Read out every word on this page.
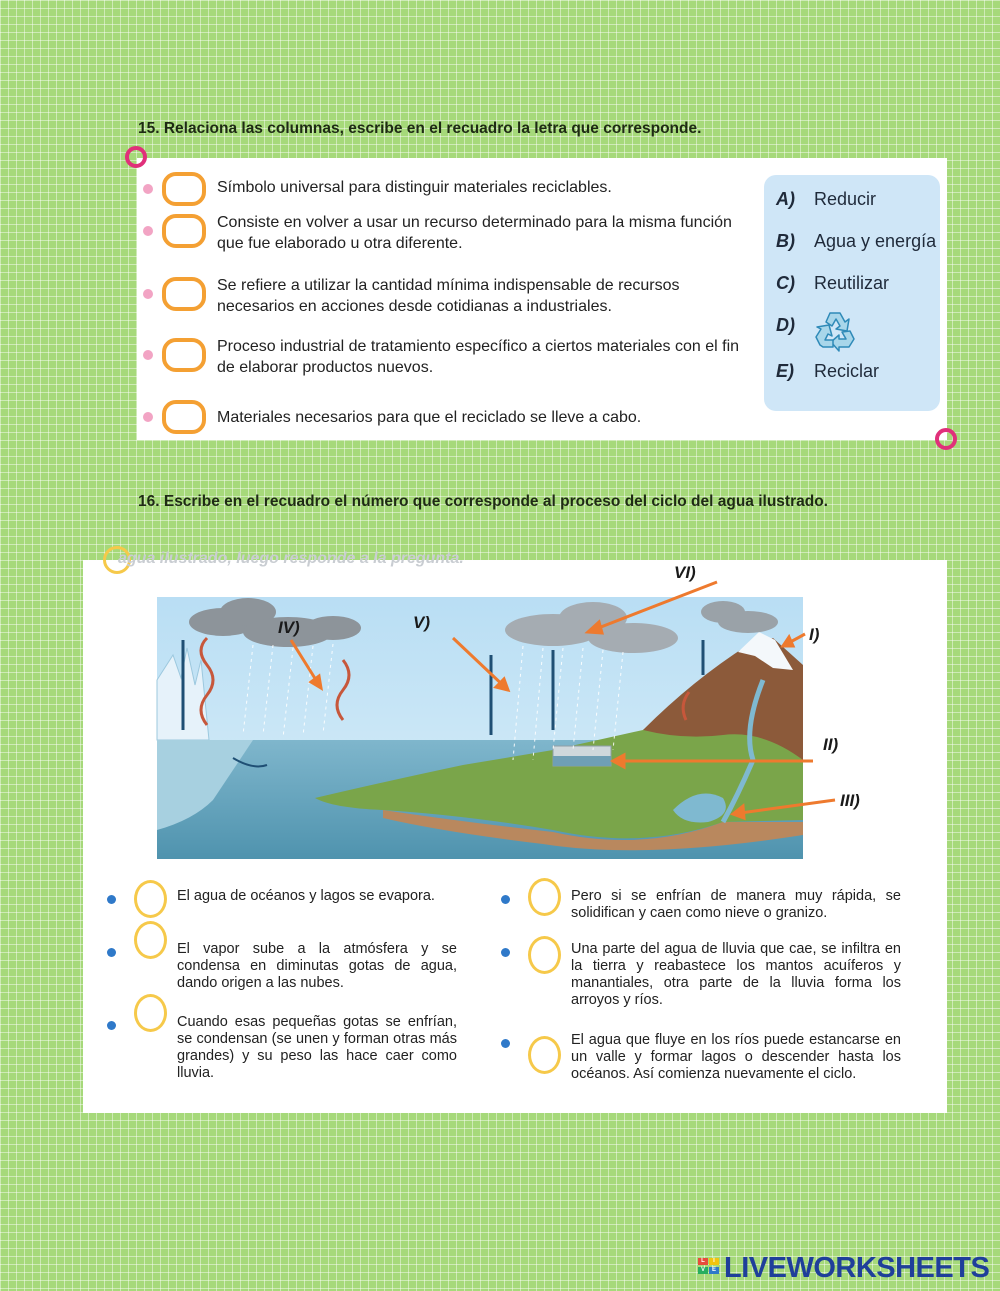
15. Relaciona las columnas, escribe en el recuadro la letra que corresponde.
Símbolo universal para distinguir materiales reciclables.
Consiste en volver a usar un recurso determinado para la misma función que fue elaborado u otra diferente.
Se refiere a utilizar la cantidad mínima indispensable de recursos necesarios en acciones desde cotidianas a industriales.
Proceso industrial de tratamiento específico a ciertos materiales con el fin de elaborar productos nuevos.
Materiales necesarios para que el reciclado se lleve a cabo.
A) Reducir
B) Agua y energía
C) Reutilizar
D)
E) Reciclar
16. Escribe en el recuadro el número que corresponde al proceso del ciclo del agua ilustrado.
agua ilustrado, luego responde a la pregunta.
VI)
V)
IV)	I)
II)
III)
El agua de océanos y lagos se evapora.
El vapor sube a la atmósfera y se condensa en diminutas gotas de agua, dando origen a las nubes.
Cuando esas pequeñas gotas se enfrían, se condensan (se unen y forman otras más grandes) y su peso las hace caer como lluvia.
Pero si se enfrían de manera muy rápida, se solidifican y caen como nieve o granizo.
Una parte del agua de lluvia que cae, se infiltra en la tierra y reabastece los mantos acuíferos y manantiales, otra parte de la lluvia forma los arroyos y ríos.
El agua que fluye en los ríos puede estancarse en un valle y formar lagos o descender hasta los océanos. Así comienza nuevamente el ciclo.
L	I
V	E LIVEWORKSHEETS
